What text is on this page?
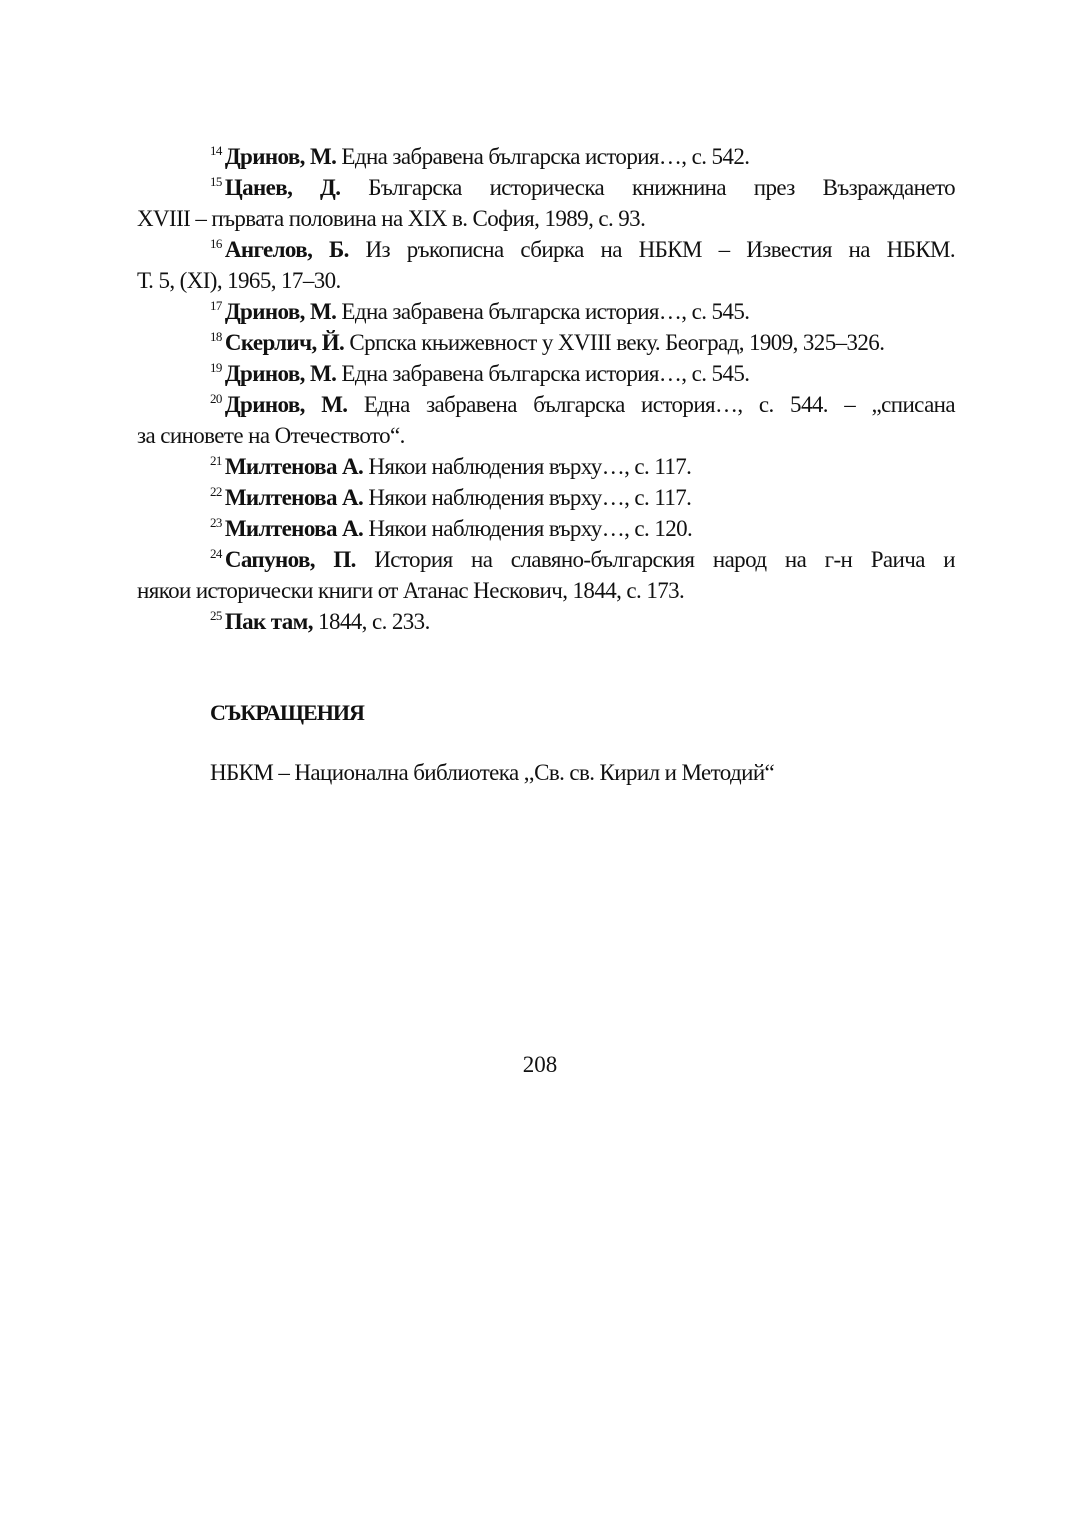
$^{14}$ Дринов, М. Една забравена българска история…, с. 542.
$^{15}$ Цанев, Д. Българска историческа книжнина през Възраждането
XVIII – първата половина на XIX в. София, 1989, с. 93.
$^{16}$ Ангелов, Б. Из ръкописна сбирка на НБКМ – Известия на НБКМ.
Т. 5, (XI), 1965, 17–30.
$^{17}$ Дринов, М. Една забравена българска история…, с. 545.
$^{18}$ Скерлич, Й. Српска књижевност у XVIII веку. Београд, 1909, 325–326.
$^{19}$ Дринов, М. Една забравена българска история…, с. 545.
$^{20}$ Дринов, М. Една забравена българска история…, с. 544. – „списана
за синовете на Отечеството“.
$^{21}$ Милтенова А. Някои наблюдения върху…, с. 117.
$^{22}$ Милтенова А. Някои наблюдения върху…, с. 117.
$^{23}$ Милтенова А. Някои наблюдения върху…, с. 120.
$^{24}$ Сапунов, П. История на славяно-българския народ на г-н Раича и
някои исторически книги от Атанас Нескович, 1844, с. 173.
$^{25}$ Пак там, 1844, с. 233.
СЪКРАЩЕНИЯ
НБКМ – Национална библиотека ,,Св. св. Кирил и Методий“
208
